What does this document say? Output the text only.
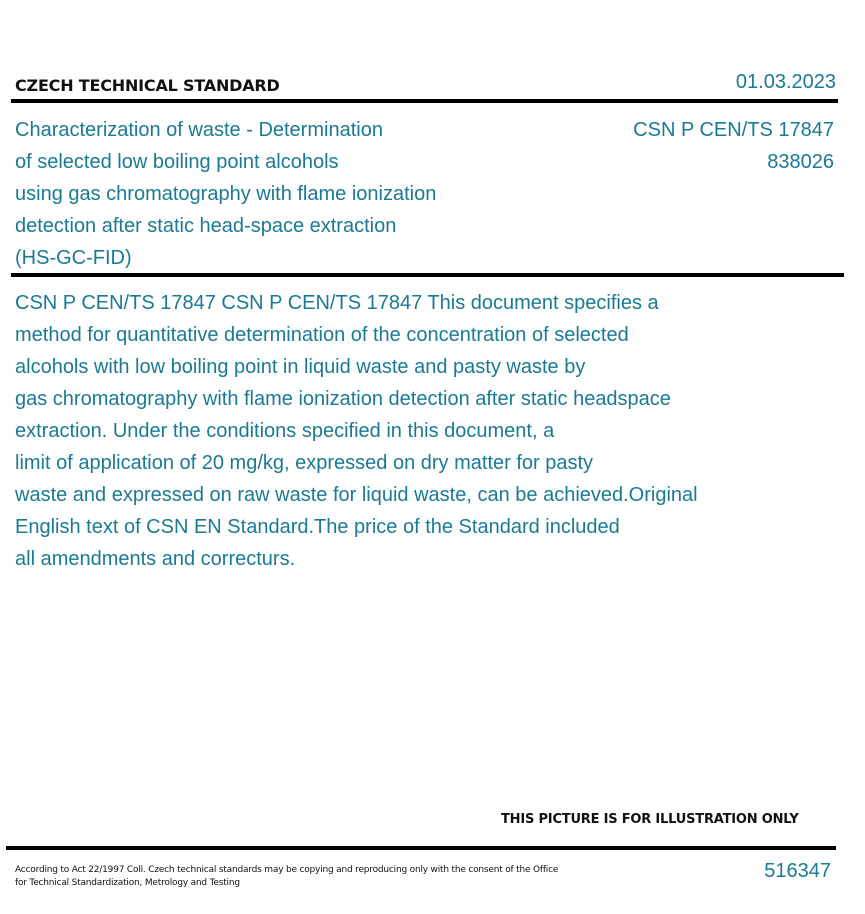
CZECH TECHNICAL STANDARD	01.03.2023
Characterization of waste - Determination
of selected low boiling point alcohols
using gas chromatography with flame ionization
detection after static head-space extraction
(HS-GC-FID)
CSN P CEN/TS 17847
838026
CSN P CEN/TS 17847 CSN P CEN/TS 17847 This document specifies a
method for quantitative determination of the concentration of selected
alcohols with low boiling point in liquid waste and pasty waste by
gas chromatography with flame ionization detection after static headspace
extraction. Under the conditions specified in this document, a
limit of application of 20 mg/kg, expressed on dry matter for pasty
waste and expressed on raw waste for liquid waste, can be achieved.Original
English text of CSN EN Standard.The price of the Standard included
all amendments and correcturs.
THIS PICTURE IS FOR ILLUSTRATION ONLY
According to Act 22/1997 Coll. Czech technical standards may be copying and reproducing only with the consent of the Office
for Technical Standardization, Metrology and Testing
516347
